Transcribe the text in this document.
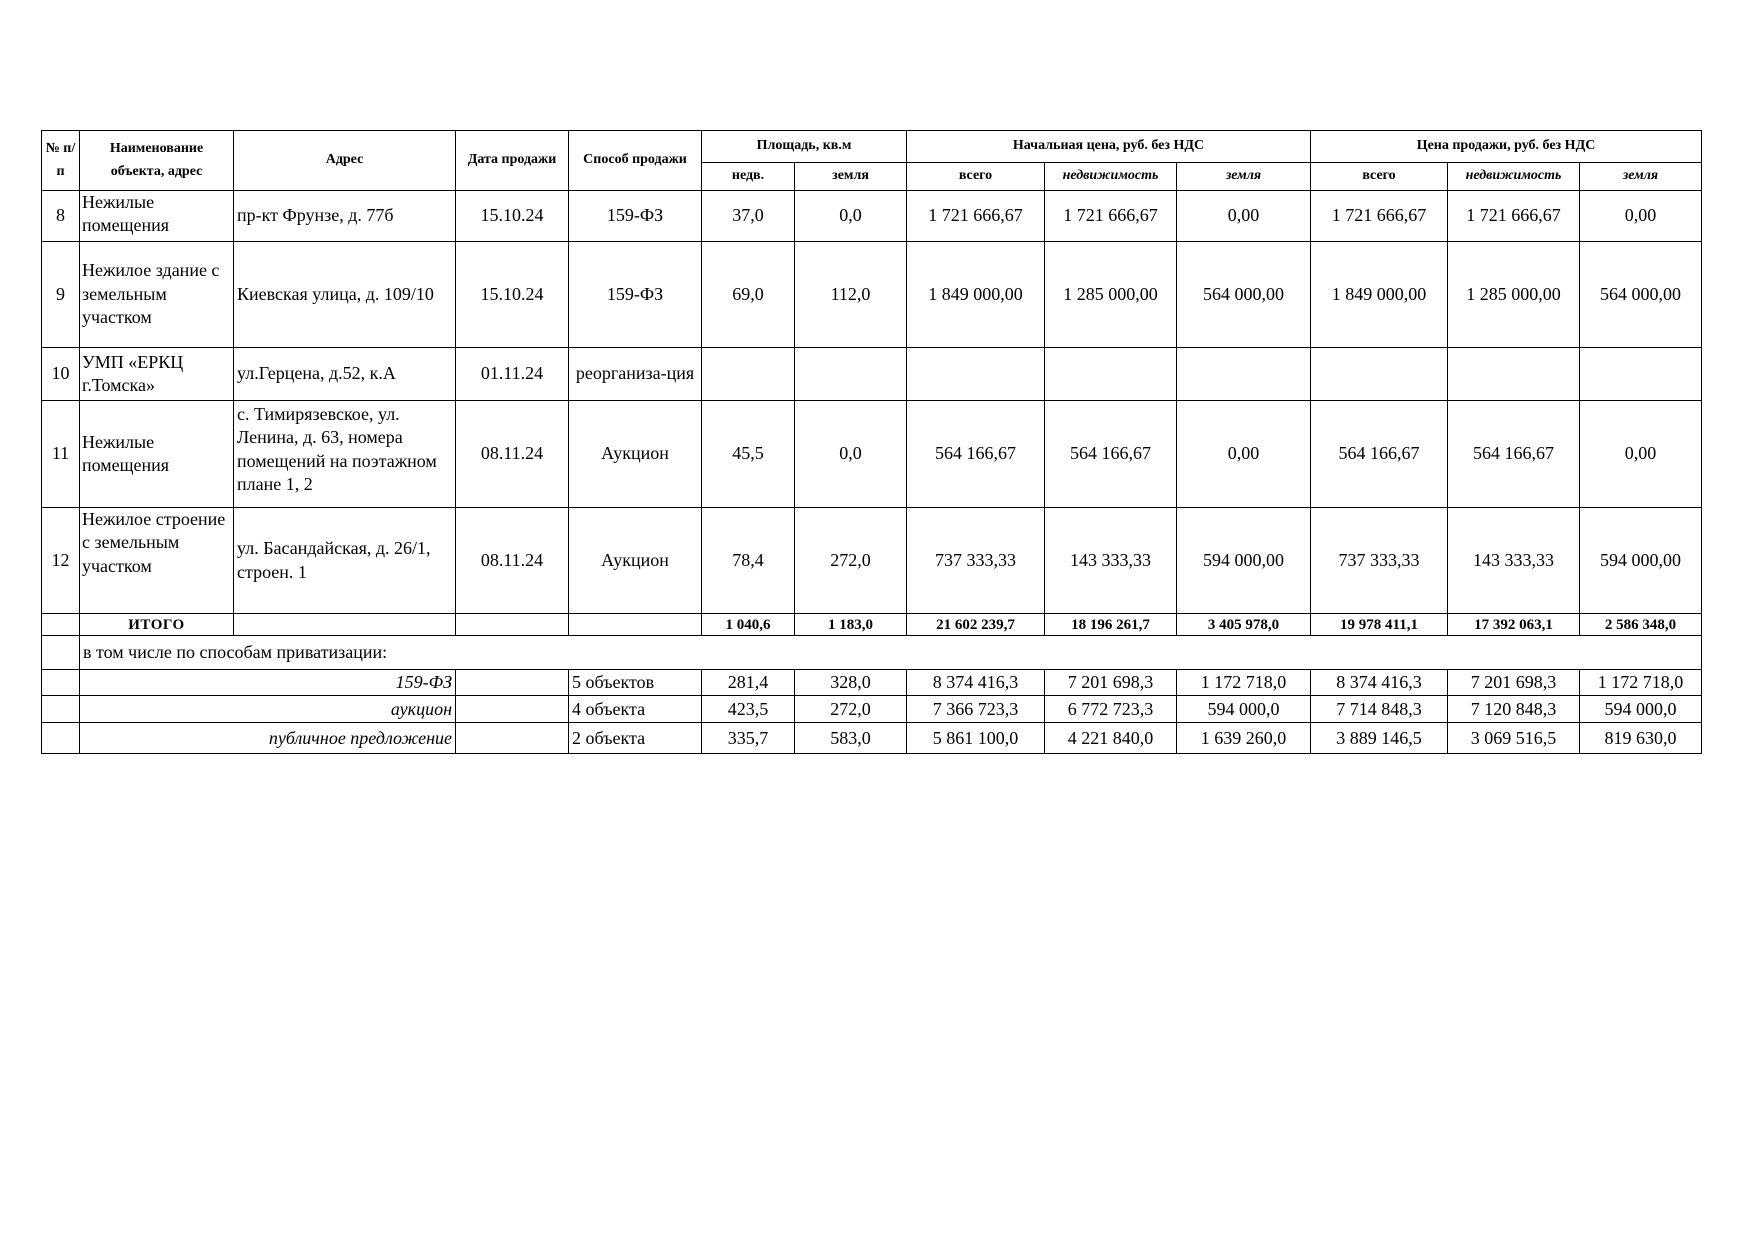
№ п/п	Наименование объекта, адрес	Адрес	Дата продажи	Способ продажи	Площадь, кв.м		Начальная цена, руб. без НДС			Цена продажи, руб. без НДС		
					недв.	земля	всего	недвижимость	земля	всего	недвижимость	земля
8	Нежилые помещения	пр-кт Фрунзе, д. 77б	15.10.24	159-ФЗ	37,0	0,0	1 721 666,67	1 721 666,67	0,00	1 721 666,67	1 721 666,67	0,00
9	Нежилое здание с земельным участком	Киевская улица, д. 109/10	15.10.24	159-ФЗ	69,0	112,0	1 849 000,00	1 285 000,00	564 000,00	1 849 000,00	1 285 000,00	564 000,00
10	УМП «ЕРКЦ г.Томска»	ул.Герцена, д.52, к.А	01.11.24	реорганиза-ция								
11	Нежилые помещения	с. Тимирязевское, ул. Ленина, д. 63, номера помещений на поэтажном плане 1, 2	08.11.24	Аукцион	45,5	0,0	564 166,67	564 166,67	0,00	564 166,67	564 166,67	0,00
12	Нежилое строение с земельным участком	ул. Басандайская, д. 26/1, строен. 1	08.11.24	Аукцион	78,4	272,0	737 333,33	143 333,33	594 000,00	737 333,33	143 333,33	594 000,00
	ИТОГО				1 040,6	1 183,0	21 602 239,7	18 196 261,7	3 405 978,0	19 978 411,1	17 392 063,1	2 586 348,0
	в том числе по способам приватизации:											
	159-ФЗ			5 объектов	281,4	328,0	8 374 416,3	7 201 698,3	1 172 718,0	8 374 416,3	7 201 698,3	1 172 718,0
	аукцион			4 объекта	423,5	272,0	7 366 723,3	6 772 723,3	594 000,0	7 714 848,3	7 120 848,3	594 000,0
	публичное предложение			2 объекта	335,7	583,0	5 861 100,0	4 221 840,0	1 639 260,0	3 889 146,5	3 069 516,5	819 630,0
